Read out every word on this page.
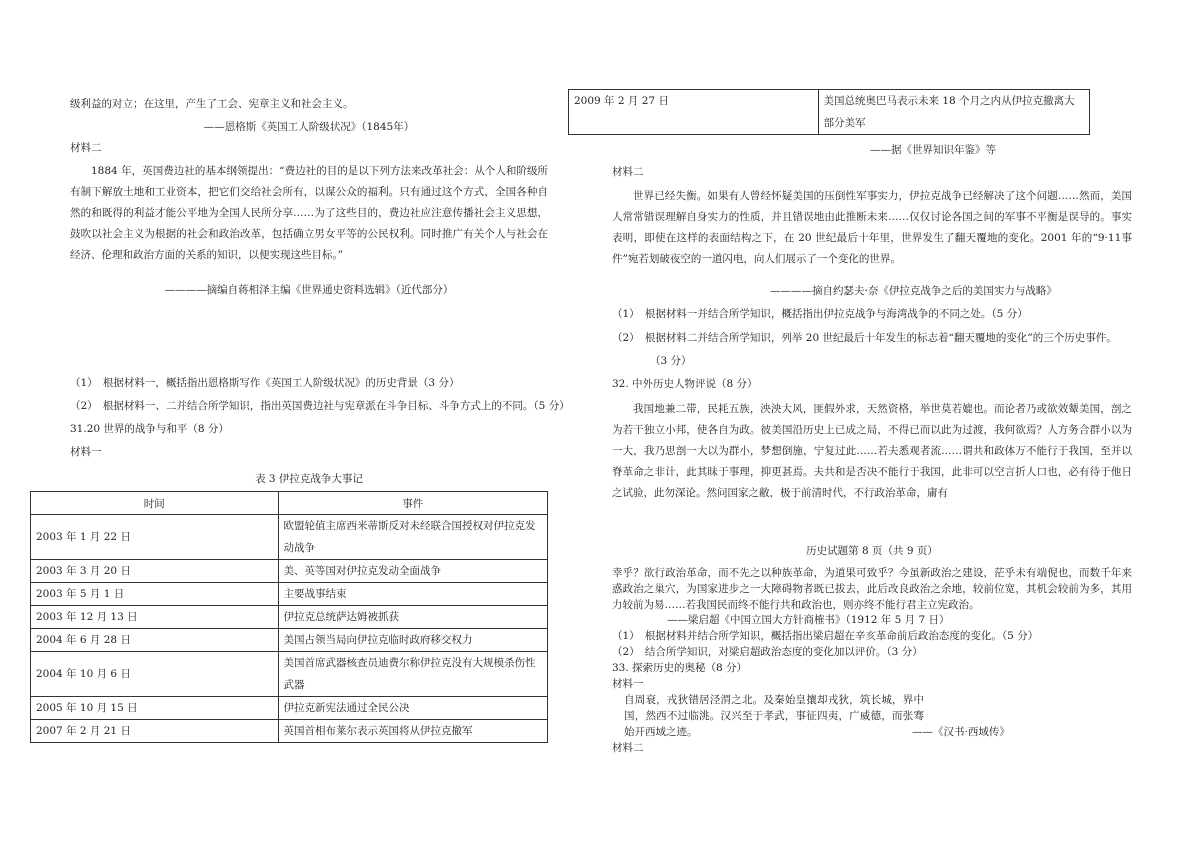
级利益的对立；在这里，产生了工会、宪章主义和社会主义。
——恩格斯《英国工人阶级状况》（1845年）
材料二
1884 年，英国费边社的基本纲领提出：“费边社的目的是以下列方法来改革社会：从个人和阶级所有制下解放土地和工业资本，把它们交给社会所有，以谋公众的福利。只有通过这个方式，全国各种自然的和既得的利益才能公平地为全国人民所分享……为了这些目的，费边社应注意传播社会主义思想，鼓吹以社会主义为根据的社会和政治改革，包括确立男女平等的公民权利。同时推广有关个人与社会在经济、伦理和政治方面的关系的知识，以便实现这些目标。”
————摘编自蒋相泽主编《世界通史资料选辑》（近代部分）
（1）　根据材料一，概括指出恩格斯写作《英国工人阶级状况》的历史背景（3 分）
（2）　根据材料一、二并结合所学知识，指出英国费边社与宪章派在斗争目标、斗争方式上的不同。（5 分）
31.20 世界的战争与和平（8 分）
材料一
表 3 伊拉克战争大事记
时间	事件
2003 年 1 月 22 日	欧盟轮值主席西米蒂斯反对未经联合国授权对伊拉克发动战争
2003 年 3 月 20 日	美、英等国对伊拉克发动全面战争
2003 年 5 月 1 日	主要战事结束
2003 年 12 月 13 日	伊拉克总统萨达姆被抓获
2004 年 6 月 28 日	美国占领当局向伊拉克临时政府移交权力
2004 年 10 月 6 日	美国首席武器核查员迪费尔称伊拉克没有大规模杀伤性武器
2005 年 10 月 15 日	伊拉克新宪法通过全民公决
2007 年 2 月 21 日	英国首相布莱尔表示英国将从伊拉克撤军
2009 年 2 月 27 日	美国总统奥巴马表示未来 18 个月之内从伊拉克撤离大部分美军
——据《世界知识年鉴》等
材料二
世界已经失衡。如果有人曾经怀疑美国的压倒性军事实力，伊拉克战争已经解决了这个问题……然而，美国人常常错误理解自身实力的性质，并且错误地由此推断未来……仅仅讨论各国之间的军事不平衡是误导的。事实表明，即使在这样的表面结构之下，在 20 世纪最后十年里，世界发生了翻天覆地的变化。2001 年的“9·11事件”宛若划破夜空的一道闪电，向人们展示了一个变化的世界。
————摘自约瑟夫·奈《伊拉克战争之后的美国实力与战略》
（1）　根据材料一并结合所学知识，概括指出伊拉克战争与海湾战争的不同之处。（5 分）
（2）　根据材料二并结合所学知识，列举 20 世纪最后十年发生的标志着“翻天覆地的变化”的三个历史事件。
（3 分）
32. 中外历史人物评说（8 分）
我国地兼二带，民耗五族，泱泱大风，匪假外求，天然资格，举世莫若媲也。而论者乃或欲效颦美国，剖之为若干独立小邦，使各自为政。彼美国沿历史上已成之局，不得已而以此为过渡，我何欲焉？人方务合群小以为一大，我乃思剖一大以为群小，梦想倒施，宁复过此……若夫悉观者流……谓共和政体万不能行于我国，至并以脊革命之非计，此其昧于事理，抑更甚焉。夫共和是否决不能行于我国，此非可以空言折人口也，必有待于他日之试验，此勿深论。然问国家之敝，极于前清时代，不行政治革命，庸有
历史试题第 8 页（共 9 页）
幸乎？欲行政治革命，而不先之以种族革命，为道果可致乎？今虽新政治之建设，茫乎未有端倪也，而数千年来惑政治之巢穴，为国家进步之一大障碍物者既已拔去，此后改良政治之余地，较前位宽，其机会较前为多，其用力较前为易……若我国民而终不能行共和政治也，则亦终不能行君主立宪政治。
——梁启超《中国立国大方针商榷书》（1912 年 5 月 7 日）
（1）　根据材料并结合所学知识，概括指出梁启超在辛亥革命前后政治态度的变化。（5 分）
（2）　结合所学知识，对梁启超政治态度的变化加以评价。（3 分）
33. 探索历史的奥秘（8 分）
材料一
自周衰，戎狄错居泾渭之北。及秦始皇攘却戎狄，筑长城，界中国，然西不过临洮。汉兴至于孝武，事征四夷，广威德，而张骞始开西域之迹。	——《汉书·西域传》
材料二
